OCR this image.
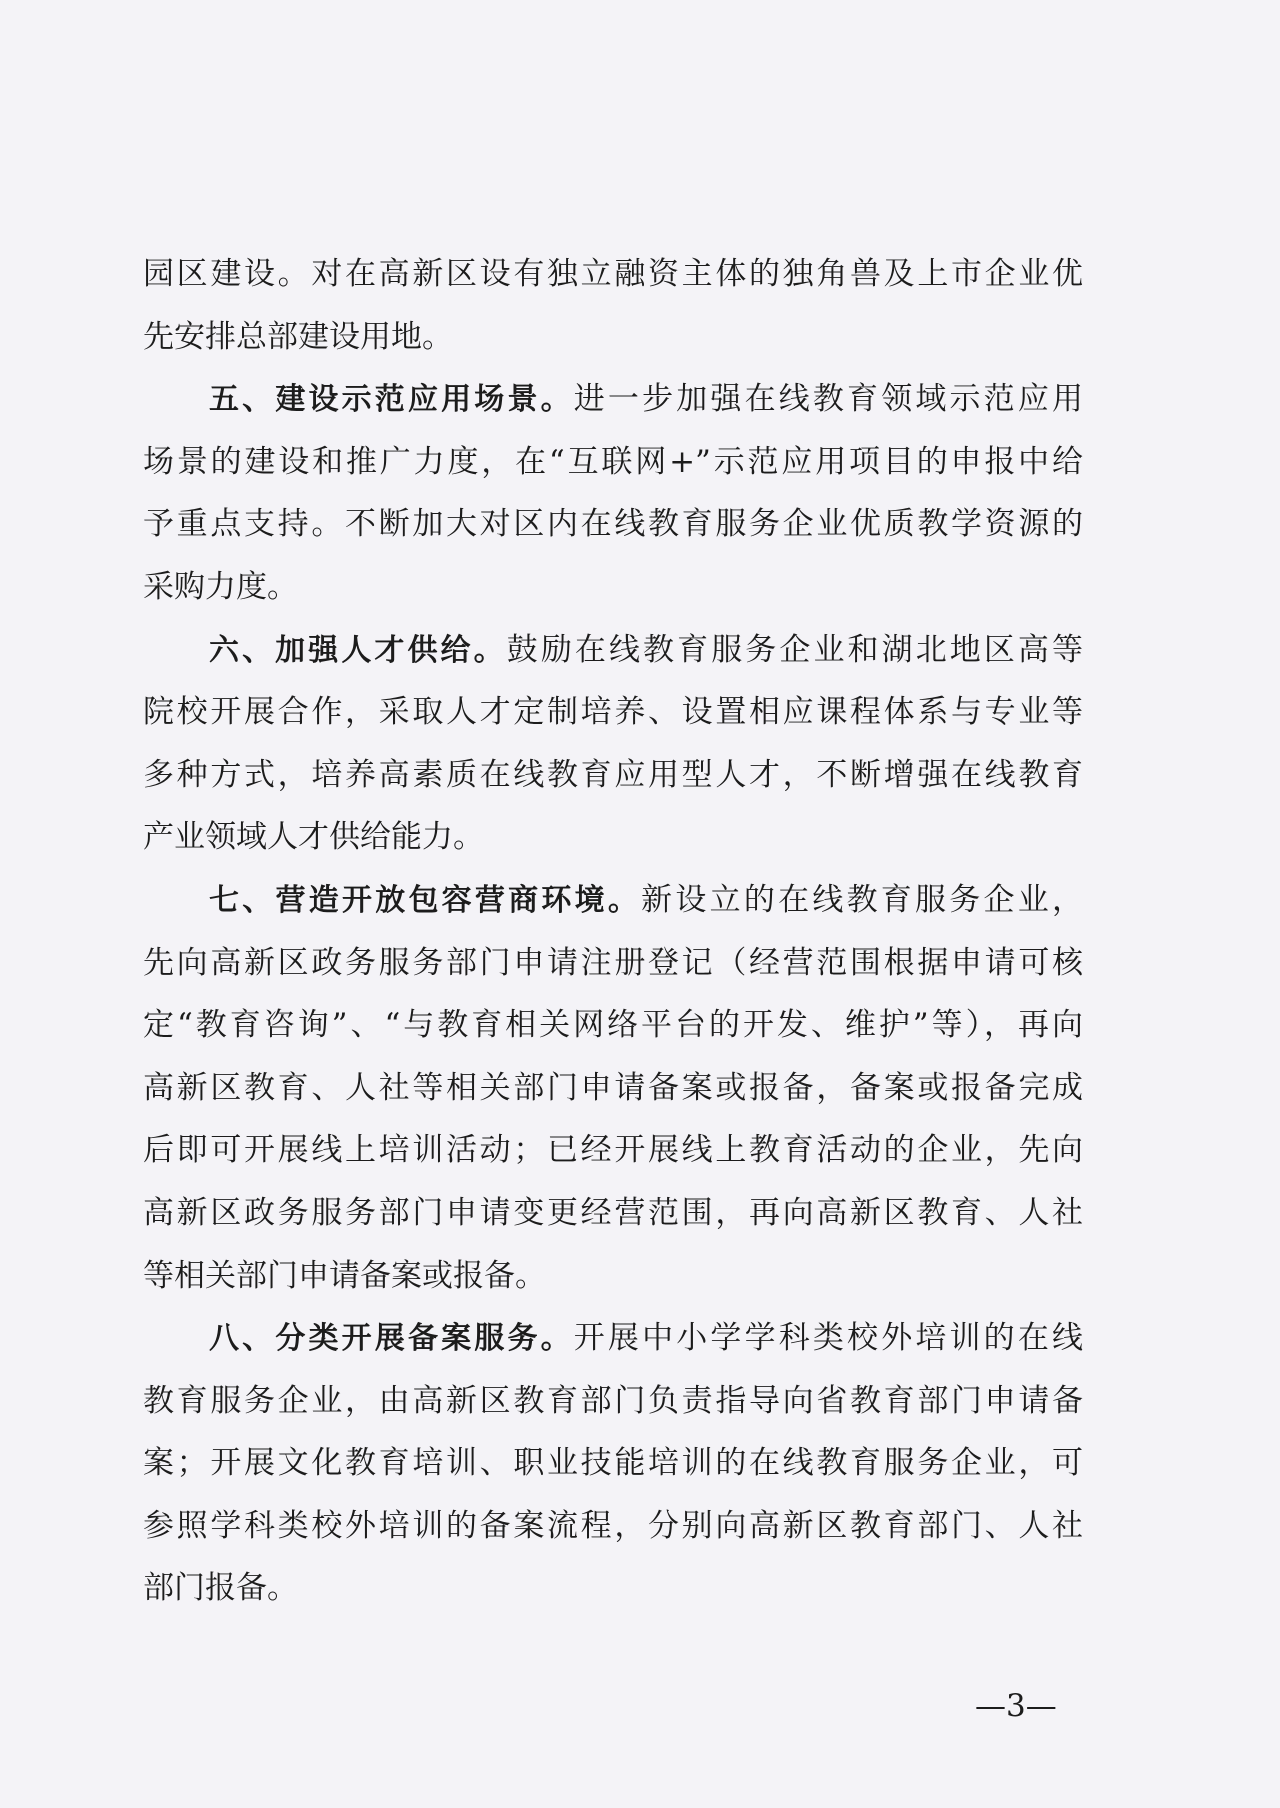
园区建设。对在高新区设有独立融资主体的独角兽及上市企业优
先安排总部建设用地。
五、建设示范应用场景。进一步加强在线教育领域示范应用
场景的建设和推广力度，在“互联网+”示范应用项目的申报中给
予重点支持。不断加大对区内在线教育服务企业优质教学资源的
采购力度。
六、加强人才供给。鼓励在线教育服务企业和湖北地区高等
院校开展合作，采取人才定制培养、设置相应课程体系与专业等
多种方式，培养高素质在线教育应用型人才，不断增强在线教育
产业领域人才供给能力。
七、营造开放包容营商环境。新设立的在线教育服务企业，
先向高新区政务服务部门申请注册登记（经营范围根据申请可核
定“教育咨询”、“与教育相关网络平台的开发、维护”等），再向
高新区教育、人社等相关部门申请备案或报备，备案或报备完成
后即可开展线上培训活动；已经开展线上教育活动的企业，先向
高新区政务服务部门申请变更经营范围，再向高新区教育、人社
等相关部门申请备案或报备。
八、分类开展备案服务。开展中小学学科类校外培训的在线
教育服务企业，由高新区教育部门负责指导向省教育部门申请备
案；开展文化教育培训、职业技能培训的在线教育服务企业，可
参照学科类校外培训的备案流程，分别向高新区教育部门、人社
部门报备。
—3—
